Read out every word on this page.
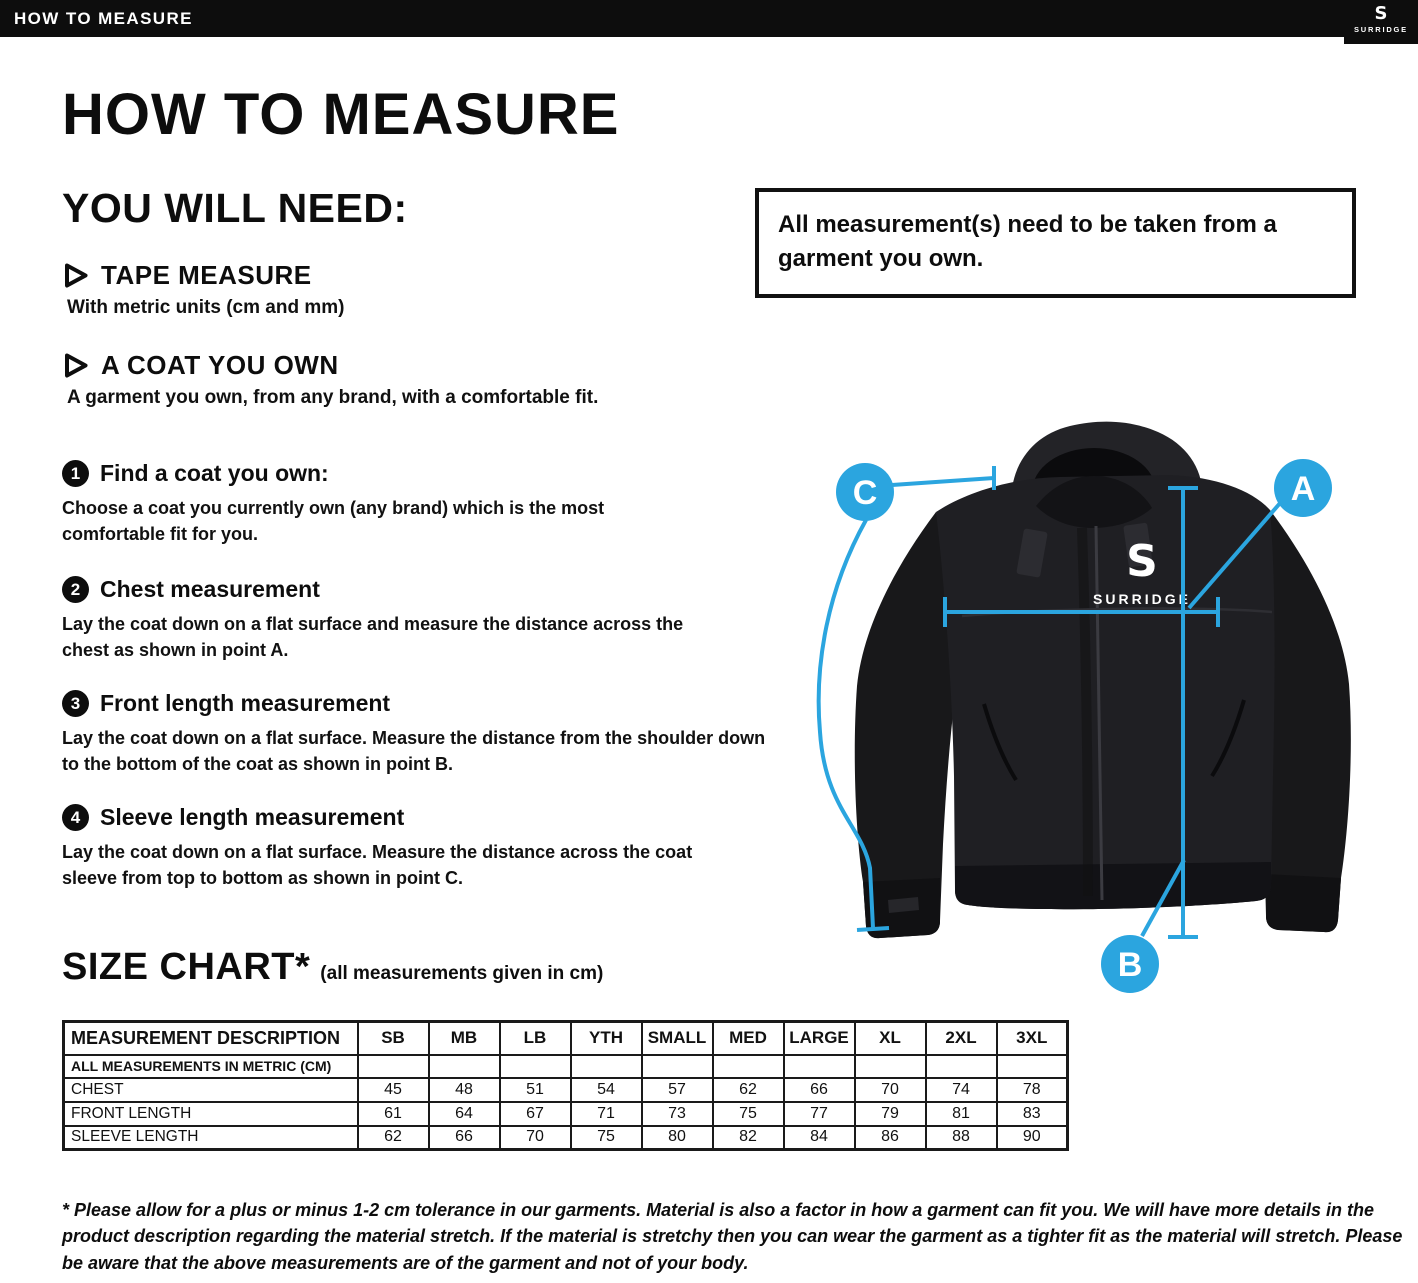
HOW TO MEASURE	S
SURRIDGE
HOW TO MEASURE
YOU WILL NEED:
TAPE MEASURE
With metric units (cm and mm)
A COAT YOU OWN
A garment you own, from any brand, with a comfortable fit.
1 Find a coat you own:
Choose a coat you currently own (any brand) which is the most comfortable fit for you.
2 Chest measurement
Lay the coat down on a flat surface and measure the distance across the chest as shown in point A.
3 Front length measurement
Lay the coat down on a flat surface. Measure the distance from the shoulder down to the bottom of the coat as shown in point B.
4 Sleeve length measurement
Lay the coat down on a flat surface. Measure the distance across the coat sleeve from top to bottom as shown in point C.
All measurement(s) need to be taken from a garment you own.
S
SURRIDGE
C	A
B
SIZE CHART* (all measurements given in cm)
MEASUREMENT DESCRIPTION	SB	MB	LB	YTH	SMALL	MED	LARGE	XL	2XL	3XL
ALL MEASUREMENTS IN METRIC (CM)										
CHEST	45	48	51	54	57	62	66	70	74	78
FRONT LENGTH	61	64	67	71	73	75	77	79	81	83
SLEEVE LENGTH	62	66	70	75	80	82	84	86	88	90
* Please allow for a plus or minus 1-2 cm tolerance in our garments. Material is also a factor in how a garment can fit you. We will have more details in the product description regarding the material stretch. If the material is stretchy then you can wear the garment as a tighter fit as the material will stretch. Please be aware that the above measurements are of the garment and not of your body.
